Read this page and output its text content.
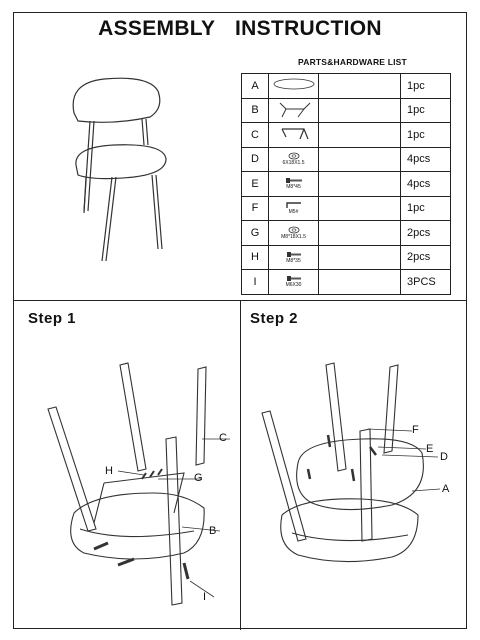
ASSEMBLY INSTRUCTION
PARTS&HARDWARE LIST
A			1pc
B			1pc
C			1pc
D	6X18X1.5		4pcs
E	M8*45		4pcs
F	M5#		1pc
G	M8*18X1.5		2pcs
H	M8*35		2pcs
I	M6X30		3PCS
Step 1
C
H
G
B
I
Step 2
F
E
D
A
